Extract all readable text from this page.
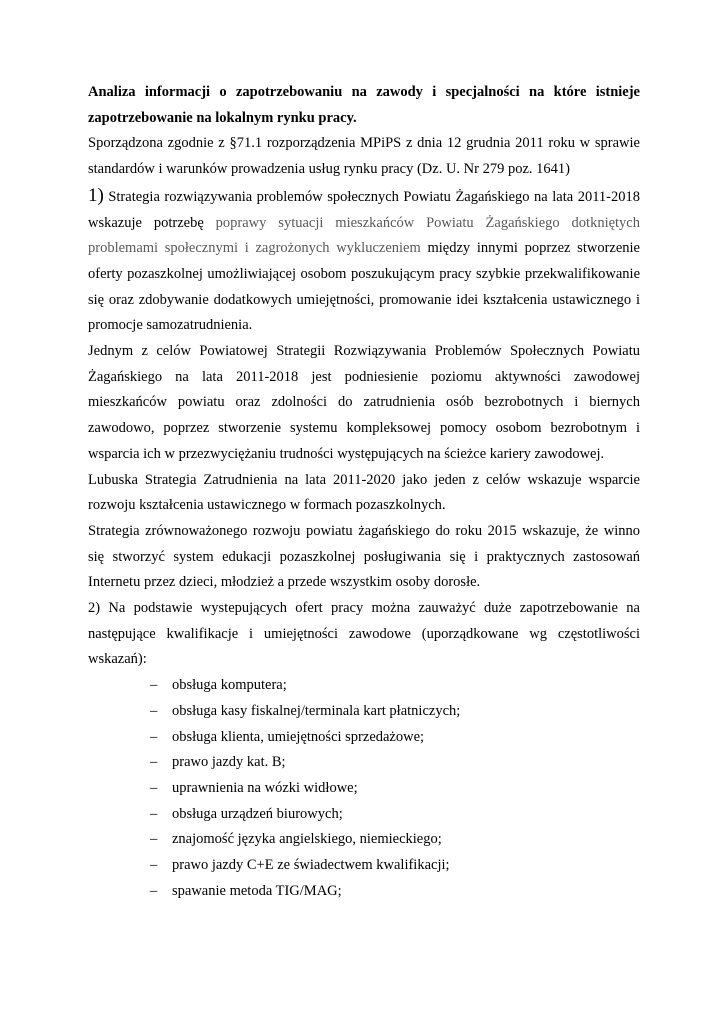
Analiza informacji o zapotrzebowaniu na zawody i specjalności na które istnieje zapotrzebowanie na lokalnym rynku pracy.

Sporządzona zgodnie z §71.1 rozporządzenia MPiPS z dnia 12 grudnia 2011 roku w sprawie standardów i warunków prowadzenia usług rynku pracy (Dz. U. Nr 279 poz. 1641)

1) Strategia rozwiązywania problemów społecznych Powiatu Żagańskiego na lata 2011-2018 wskazuje potrzebę poprawy sytuacji mieszkańców Powiatu Żagańskiego dotkniętych problemami społecznymi i zagrożonych wykluczeniem między innymi poprzez stworzenie oferty pozaszkolnej umożliwiającej osobom poszukującym pracy szybkie przekwalifikowanie się oraz zdobywanie dodatkowych umiejętności, promowanie idei kształcenia ustawicznego i promocje samozatrudnienia.

Jednym z celów Powiatowej Strategii Rozwiązywania Problemów Społecznych Powiatu Żagańskiego na lata 2011-2018 jest podniesienie poziomu aktywności zawodowej mieszkańców powiatu oraz zdolności do zatrudnienia osób bezrobotnych i biernych zawodowo, poprzez stworzenie systemu kompleksowej pomocy osobom bezrobotnym i wsparcia ich w przezwyciężaniu trudności występujących na ścieżce kariery zawodowej.

Lubuska Strategia Zatrudnienia na lata 2011-2020 jako jeden z celów wskazuje wsparcie rozwoju kształcenia ustawicznego w formach pozaszkolnych.

Strategia zrównoważonego rozwoju powiatu żagańskiego do roku 2015 wskazuje, że winno się stworzyć system edukacji pozaszkolnej posługiwania się i praktycznych zastosowań Internetu przez dzieci, młodzież a przede wszystkim osoby dorosłe.

2) Na podstawie wystepujących ofert pracy można zauważyć duże zapotrzebowanie na następujące kwalifikacje i umiejętności zawodowe (uporządkowane wg częstotliwości wskazań):

– obsługa komputera;
– obsługa kasy fiskalnej/terminala kart płatniczych;
– obsługa klienta, umiejętności sprzedażowe;
– prawo jazdy kat. B;
– uprawnienia na wózki widłowe;
– obsługa urządzeń biurowych;
– znajomość języka angielskiego, niemieckiego;
– prawo jazdy C+E ze świadectwem kwalifikacji;
– spawanie metoda TIG/MAG;
